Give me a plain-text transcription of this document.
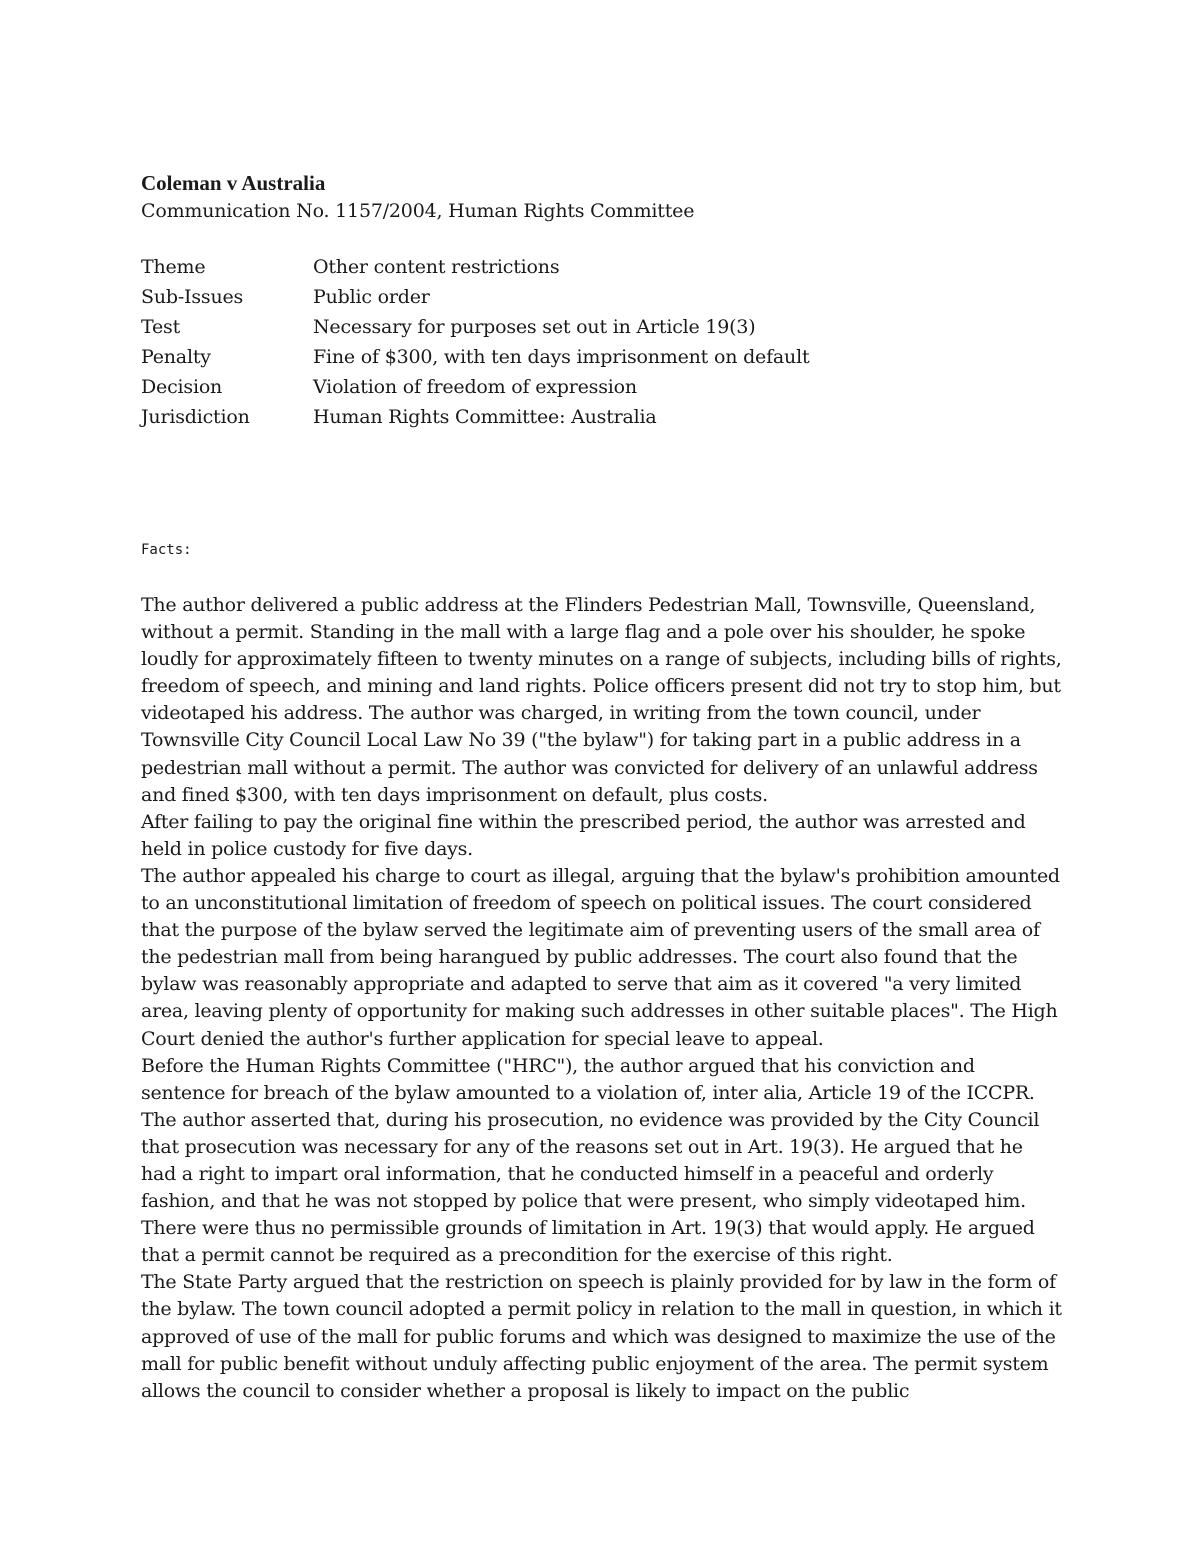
Coleman v Australia
Communication No. 1157/2004, Human Rights Committee
Theme	Other content restrictions
Sub-Issues	Public order
Test	Necessary for purposes set out in Article 19(3)
Penalty	Fine of $300, with ten days imprisonment on default
Decision	Violation of freedom of expression
Jurisdiction	Human Rights Committee: Australia
Facts:

The author delivered a public address at the Flinders Pedestrian Mall, Townsville, Queensland, without a permit. Standing in the mall with a large flag and a pole over his shoulder, he spoke loudly for approximately fifteen to twenty minutes on a range of subjects, including bills of rights, freedom of speech, and mining and land rights. Police officers present did not try to stop him, but videotaped his address. The author was charged, in writing from the town council, under Townsville City Council Local Law No 39 ("the bylaw") for taking part in a public address in a pedestrian mall without a permit. The author was convicted for delivery of an unlawful address and fined $300, with ten days imprisonment on default, plus costs.

After failing to pay the original fine within the prescribed period, the author was arrested and held in police custody for five days.

The author appealed his charge to court as illegal, arguing that the bylaw's prohibition amounted to an unconstitutional limitation of freedom of speech on political issues. The court considered that the purpose of the bylaw served the legitimate aim of preventing users of the small area of the pedestrian mall from being harangued by public addresses. The court also found that the bylaw was reasonably appropriate and adapted to serve that aim as it covered "a very limited area, leaving plenty of opportunity for making such addresses in other suitable places". The High Court denied the author's further application for special leave to appeal.

Before the Human Rights Committee ("HRC"), the author argued that his conviction and sentence for breach of the bylaw amounted to a violation of, inter alia, Article 19 of the ICCPR. The author asserted that, during his prosecution, no evidence was provided by the City Council that prosecution was necessary for any of the reasons set out in Art. 19(3). He argued that he had a right to impart oral information, that he conducted himself in a peaceful and orderly fashion, and that he was not stopped by police that were present, who simply videotaped him. There were thus no permissible grounds of limitation in Art. 19(3) that would apply. He argued that a permit cannot be required as a precondition for the exercise of this right.

The State Party argued that the restriction on speech is plainly provided for by law in the form of the bylaw. The town council adopted a permit policy in relation to the mall in question, in which it approved of use of the mall for public forums and which was designed to maximize the use of the mall for public benefit without unduly affecting public enjoyment of the area. The permit system allows the council to consider whether a proposal is likely to impact on the public
